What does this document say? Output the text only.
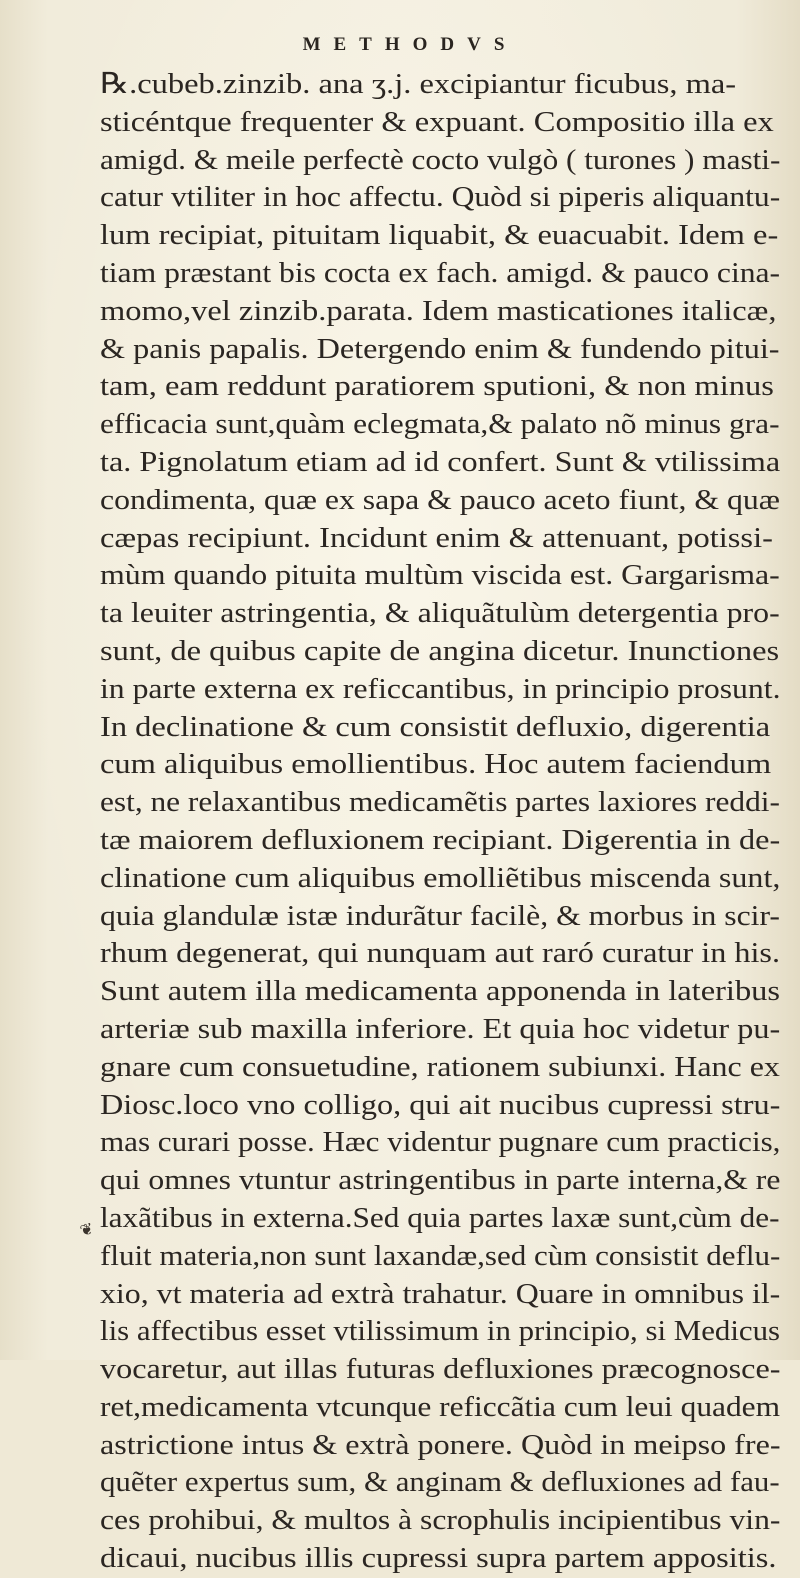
METHODVS
℞.cubeb.zinzib. ana ʒ.j. excipiantur ficubus, ma-
sticéntque frequenter & expuant. Compositio illa ex
amigd. & meile perfectè cocto vulgò ( turones ) masti-
catur vtiliter in hoc affectu. Quòd si piperis aliquantu-
lum recipiat, pituitam liquabit, & euacuabit. Idem e-
tiam præstant bis cocta ex fach. amigd. & pauco cina-
momo,vel zinzib.parata. Idem masticationes italicæ,
& panis papalis. Detergendo enim & fundendo pitui-
tam, eam reddunt paratiorem sputioni, & non minus
efficacia sunt,quàm eclegmata,& palato nõ minus gra-
ta. Pignolatum etiam ad id confert. Sunt & vtilissima
condimenta, quæ ex sapa & pauco aceto fiunt, & quæ
cæpas recipiunt. Incidunt enim & attenuant, potissi-
mùm quando pituita multùm viscida est. Gargarisma-
ta leuiter astringentia, & aliquãtulùm detergentia pro-
sunt, de quibus capite de angina dicetur. Inunctiones
in parte externa ex reficcantibus, in principio prosunt.
In declinatione & cum consistit defluxio, digerentia
cum aliquibus emollientibus. Hoc autem faciendum
est, ne relaxantibus medicamẽtis partes laxiores reddi-
tæ maiorem defluxionem recipiant. Digerentia in de-
clinatione cum aliquibus emolliẽtibus miscenda sunt,
quia glandulæ istæ indurãtur facilè, & morbus in scir-
rhum degenerat, qui nunquam aut raró curatur in his.
Sunt autem illa medicamenta apponenda in lateribus
arteriæ sub maxilla inferiore. Et quia hoc videtur pu-
gnare cum consuetudine, rationem subiunxi. Hanc ex
Diosc.loco vno colligo, qui ait nucibus cupressi stru-
mas curari posse. Hæc videntur pugnare cum practicis,
qui omnes vtuntur astringentibus in parte interna,& re
laxãtibus in externa.Sed quia partes laxæ sunt,cùm de-
fluit materia,non sunt laxandæ,sed cùm consistit deflu-
xio, vt materia ad extrà trahatur. Quare in omnibus il-
lis affectibus esset vtilissimum in principio, si Medicus
vocaretur, aut illas futuras defluxiones præcognosce-
ret,medicamenta vtcunque reficcãtia cum leui quadem
astrictione intus & extrà ponere. Quòd in meipso fre-
quẽter expertus sum, & anginam & defluxiones ad fau-
ces prohibui, & multos à scrophulis incipientibus vin-
dicaui, nucibus illis cupressi supra partem appositis.
❦
